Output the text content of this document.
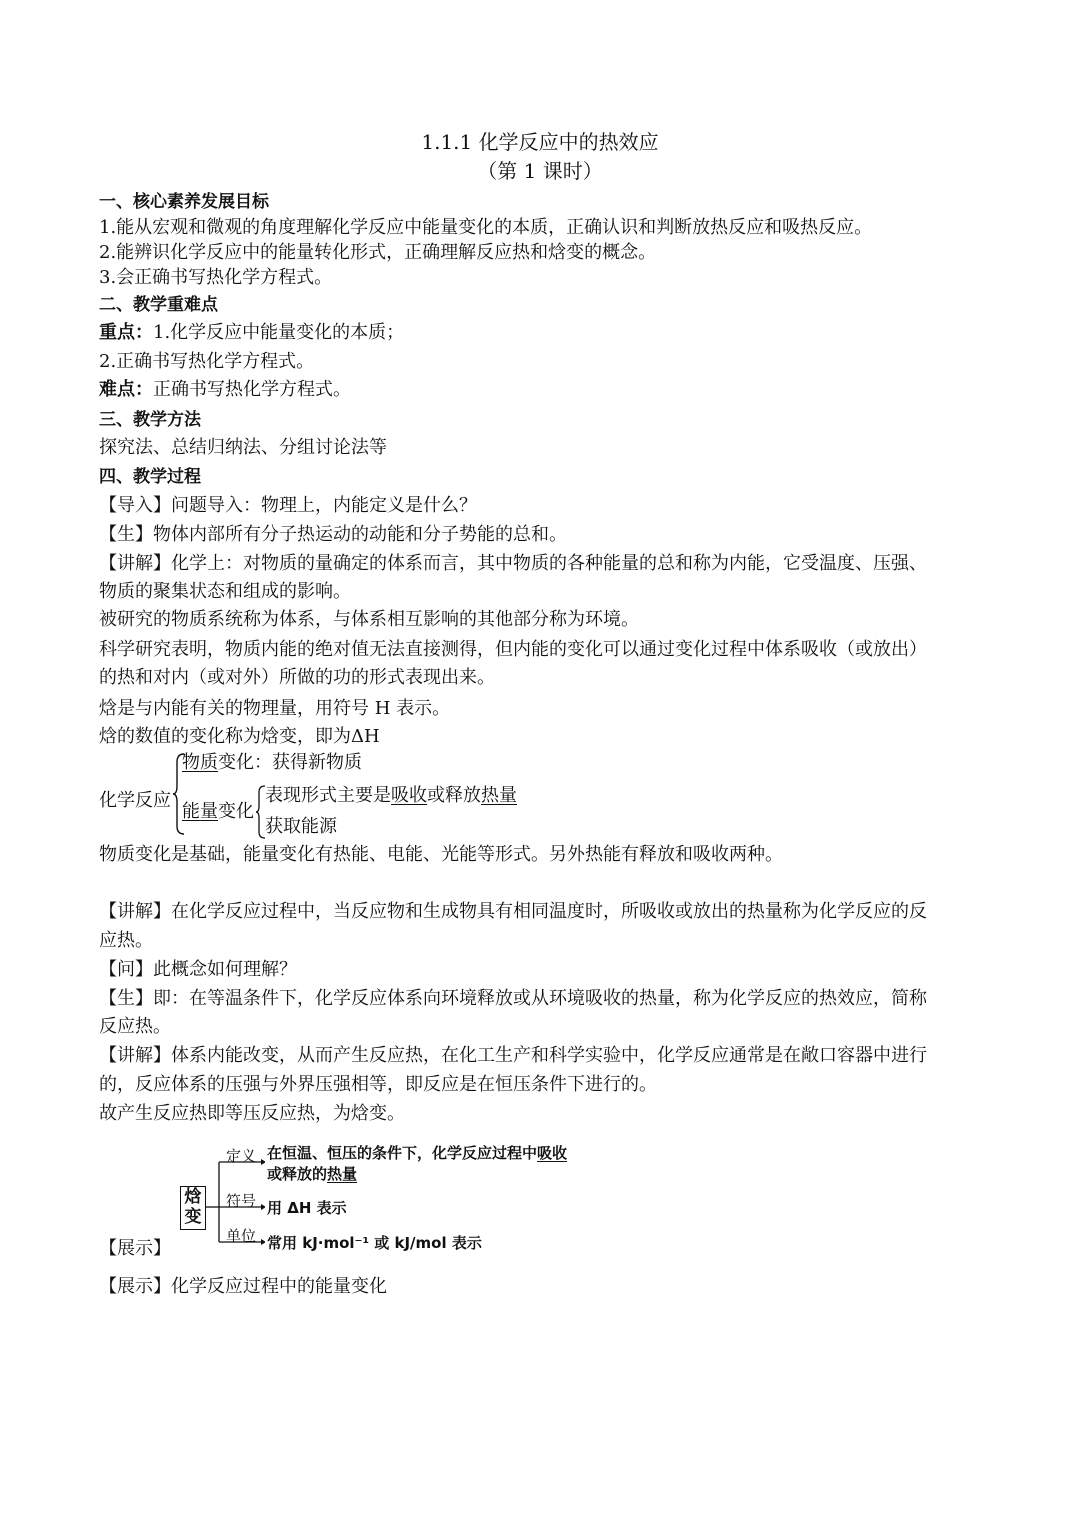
1.1.1 化学反应中的热效应
（第 1 课时）
一、核心素养发展目标
1.能从宏观和微观的角度理解化学反应中能量变化的本质，正确认识和判断放热反应和吸热反应。
2.能辨识化学反应中的能量转化形式，正确理解反应热和焓变的概念。
3.会正确书写热化学方程式。
二、教学重难点
重点：1.化学反应中能量变化的本质；
2.正确书写热化学方程式。
难点：正确书写热化学方程式。
三、教学方法
探究法、总结归纳法、分组讨论法等
四、教学过程
【导入】问题导入：物理上，内能定义是什么？
【生】物体内部所有分子热运动的动能和分子势能的总和。
【讲解】化学上：对物质的量确定的体系而言，其中物质的各种能量的总和称为内能，它受温度、压强、
物质的聚集状态和组成的影响。
被研究的物质系统称为体系，与体系相互影响的其他部分称为环境。
科学研究表明，物质内能的绝对值无法直接测得，但内能的变化可以通过变化过程中体系吸收（或放出）
的热和对内（或对外）所做的功的形式表现出来。
焓是与内能有关的物理量，用符号 H 表示。
焓的数值的变化称为焓变，即为ΔH
化学反应
物质变化：获得新物质
能量变化
表现形式主要是吸收或释放热量
获取能源
物质变化是基础，能量变化有热能、电能、光能等形式。另外热能有释放和吸收两种。
【讲解】在化学反应过程中，当反应物和生成物具有相同温度时，所吸收或放出的热量称为化学反应的反
应热。
【问】此概念如何理解？
【生】即：在等温条件下，化学反应体系向环境释放或从环境吸收的热量，称为化学反应的热效应，简称
反应热。
【讲解】体系内能改变，从而产生反应热，在化工生产和科学实验中，化学反应通常是在敞口容器中进行
的，反应体系的压强与外界压强相等，即反应是在恒压条件下进行的。
故产生反应热即等压反应热，为焓变。
焓
变
定义
符号
单位
在恒温、恒压的条件下，化学反应过程中吸收
或释放的热量
用 ΔH 表示
常用 kJ·mol⁻¹ 或 kJ/mol 表示
【展示】
【展示】化学反应过程中的能量变化
